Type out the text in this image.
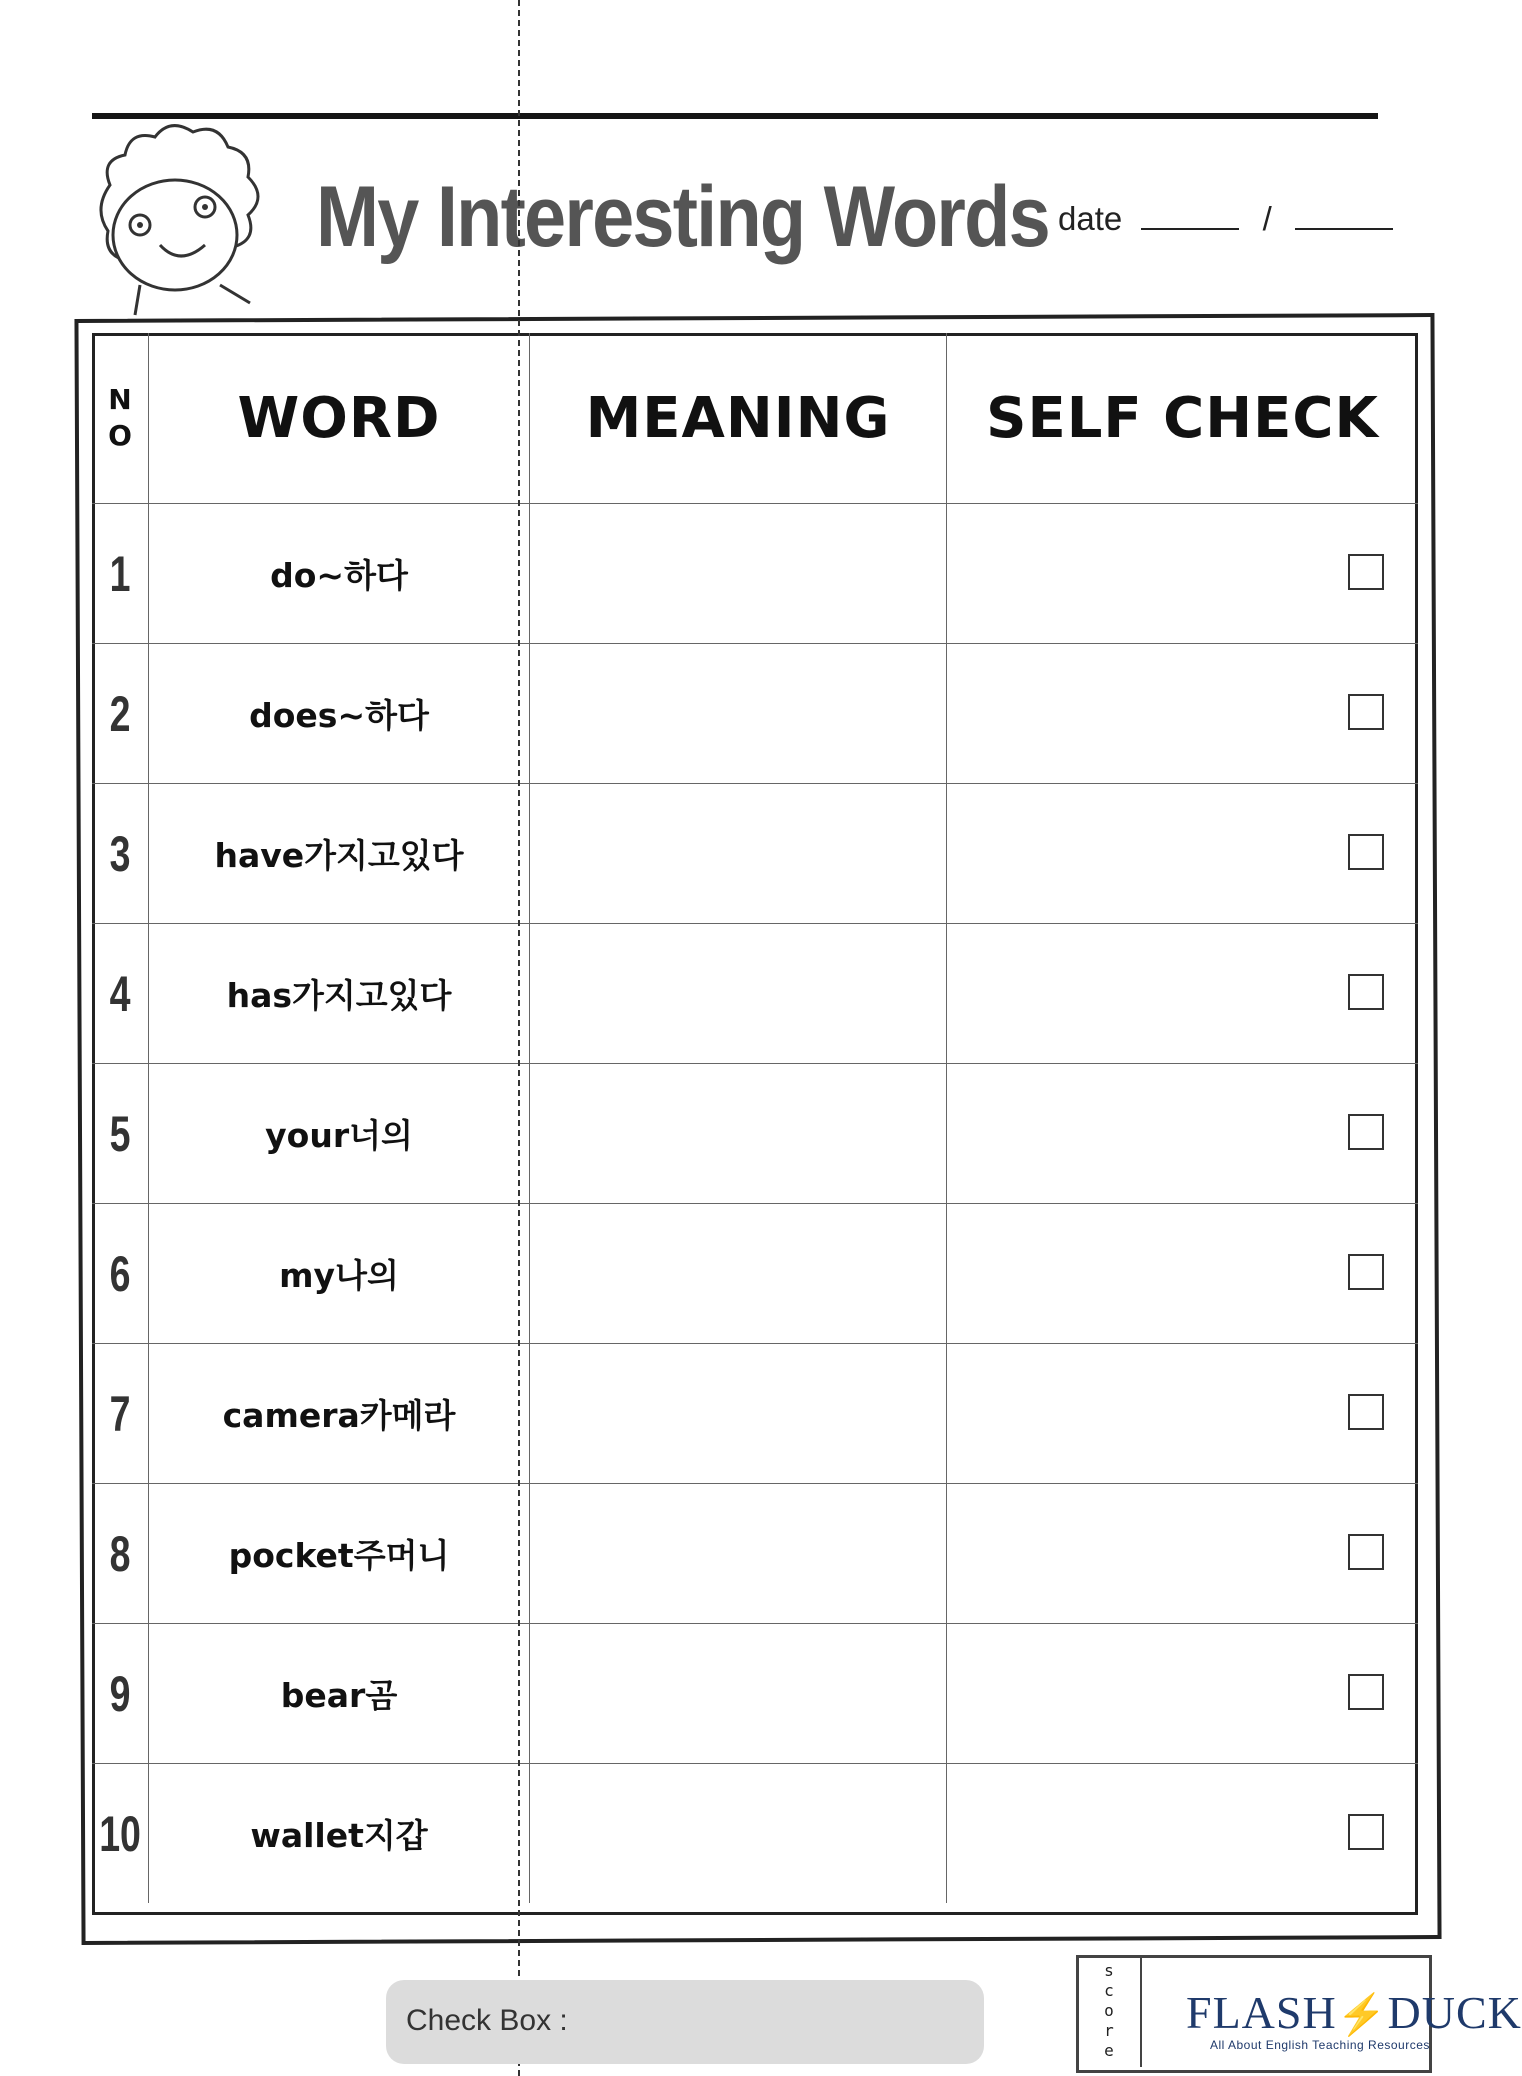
My Interesting Words date	/
N
O	WORD	MEANING	SELF CHECK
1	do~하다		

2	does~하다		

3	have가지고있다		

4	has가지고있다		

5	your너의		

6	my나의		

7	camera카메라		

8	pocket주머니		

9	bear곰		

10	wallet지갑		
Check Box :
s
c
o
r
e
FLASH⚡DUCK
All About English Teaching Resources
